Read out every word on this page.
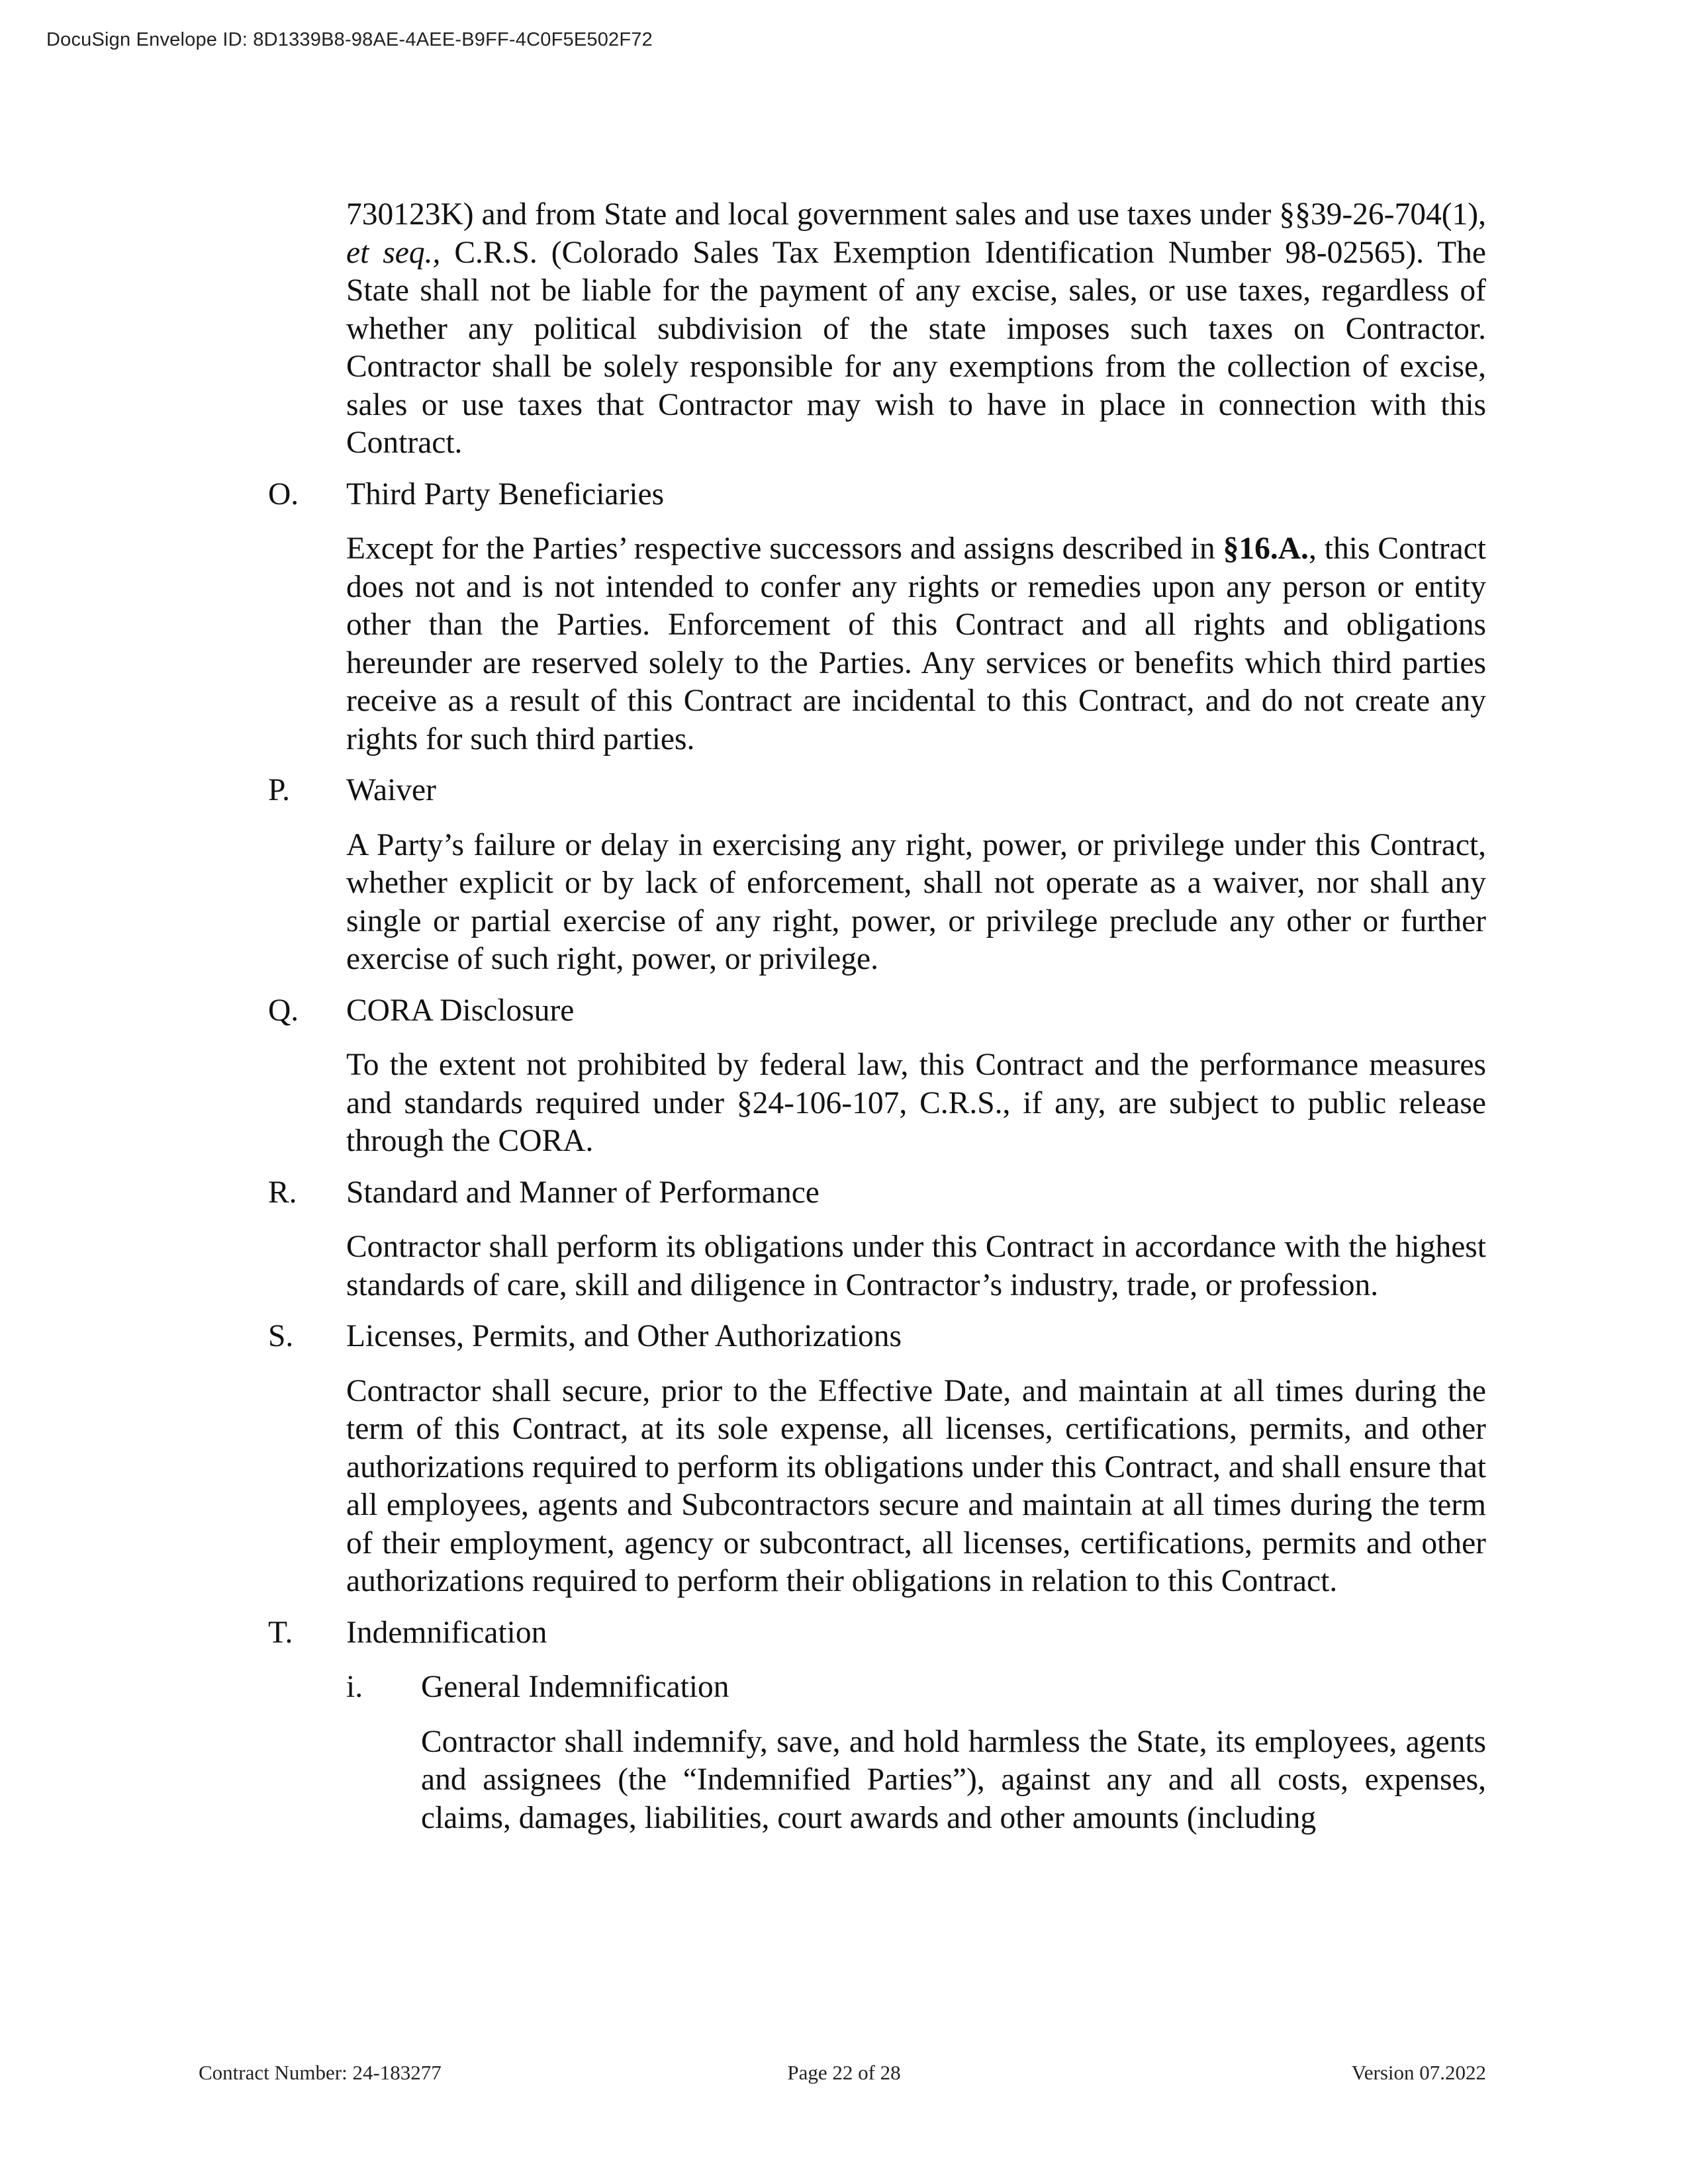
DocuSign Envelope ID: 8D1339B8-98AE-4AEE-B9FF-4C0F5E502F72

730123K) and from State and local government sales and use taxes under §§39-26-704(1), et seq., C.R.S. (Colorado Sales Tax Exemption Identification Number 98-02565). The State shall not be liable for the payment of any excise, sales, or use taxes, regardless of whether any political subdivision of the state imposes such taxes on Contractor. Contractor shall be solely responsible for any exemptions from the collection of excise, sales or use taxes that Contractor may wish to have in place in connection with this Contract.

O.	Third Party Beneficiaries

Except for the Parties’ respective successors and assigns described in §16.A., this Contract does not and is not intended to confer any rights or remedies upon any person or entity other than the Parties. Enforcement of this Contract and all rights and obligations hereunder are reserved solely to the Parties. Any services or benefits which third parties receive as a result of this Contract are incidental to this Contract, and do not create any rights for such third parties.

P.	Waiver

A Party’s failure or delay in exercising any right, power, or privilege under this Contract, whether explicit or by lack of enforcement, shall not operate as a waiver, nor shall any single or partial exercise of any right, power, or privilege preclude any other or further exercise of such right, power, or privilege.

Q.	CORA Disclosure

To the extent not prohibited by federal law, this Contract and the performance measures and standards required under §24-106-107, C.R.S., if any, are subject to public release through the CORA.

R.	Standard and Manner of Performance

Contractor shall perform its obligations under this Contract in accordance with the highest standards of care, skill and diligence in Contractor’s industry, trade, or profession.

S.	Licenses, Permits, and Other Authorizations

Contractor shall secure, prior to the Effective Date, and maintain at all times during the term of this Contract, at its sole expense, all licenses, certifications, permits, and other authorizations required to perform its obligations under this Contract, and shall ensure that all employees, agents and Subcontractors secure and maintain at all times during the term of their employment, agency or subcontract, all licenses, certifications, permits and other authorizations required to perform their obligations in relation to this Contract.

T.	Indemnification
i.	General Indemnification

Contractor shall indemnify, save, and hold harmless the State, its employees, agents and assignees (the “Indemnified Parties”), against any and all costs, expenses, claims, damages, liabilities, court awards and other amounts (including

Contract Number: 24-183277	Page 22 of 28	Version 07.2022
